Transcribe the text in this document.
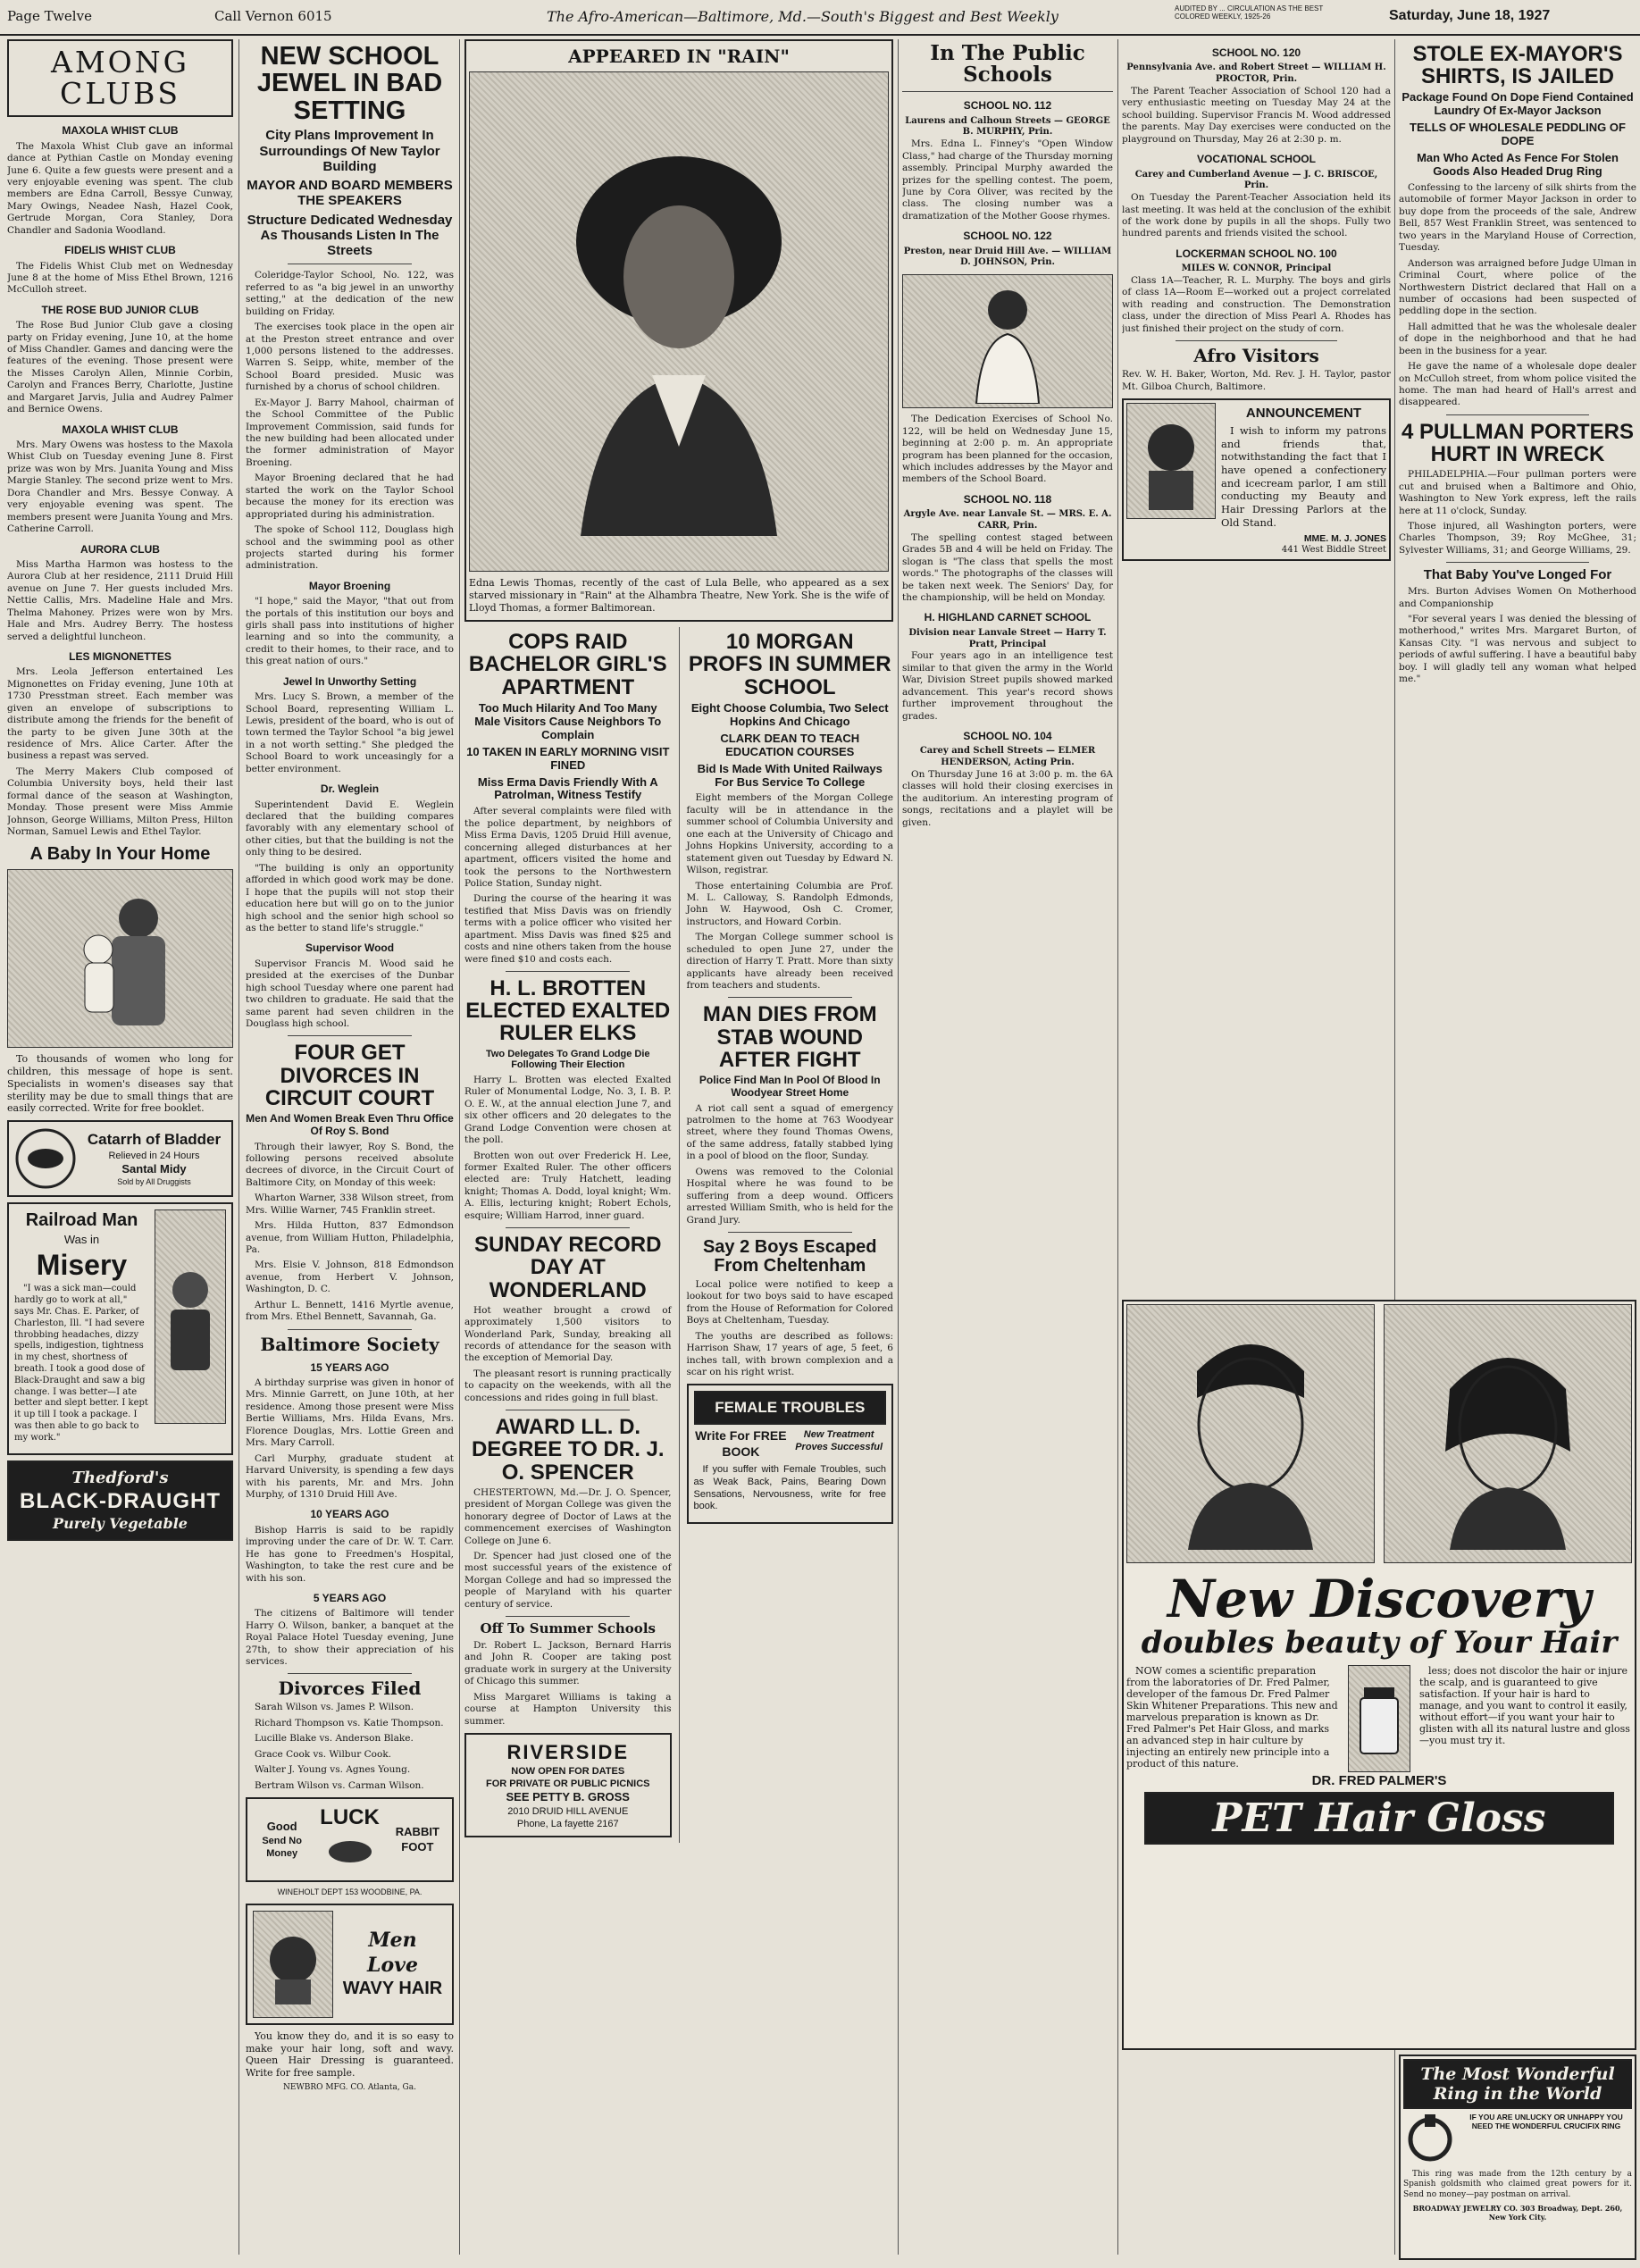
Page Twelve	Call Vernon 6015	The Afro-American—Baltimore, Md.—South's Biggest and Best Weekly	AUDITED BY ... CIRCULATION AS THE BEST COLORED WEEKLY, 1925-26	Saturday, June 18, 1927
AMONG CLUBS
MAXOLA WHIST CLUB

The Maxola Whist Club gave an informal dance at Pythian Castle on Monday evening June 6. Quite a few guests were present and a very enjoyable evening was spent. The club members are Edna Carroll, Bessye Cunway, Mary Owings, Neadee Nash, Hazel Cook, Gertrude Morgan, Cora Stanley, Dora Chandler and Sadonia Woodland.

FIDELIS WHIST CLUB

The Fidelis Whist Club met on Wednesday June 8 at the home of Miss Ethel Brown, 1216 McCulloh street.

THE ROSE BUD JUNIOR CLUB

The Rose Bud Junior Club gave a closing party on Friday evening, June 10, at the home of Miss Chandler. Games and dancing were the features of the evening. Those present were the Misses Carolyn Allen, Minnie Corbin, Carolyn and Frances Berry, Charlotte, Justine and Margaret Jarvis, Julia and Audrey Palmer and Bernice Owens.

MAXOLA WHIST CLUB

Mrs. Mary Owens was hostess to the Maxola Whist Club on Tuesday evening June 8. First prize was won by Mrs. Juanita Young and Miss Margie Stanley. The second prize went to Mrs. Dora Chandler and Mrs. Bessye Conway. A very enjoyable evening was spent. The members present were Juanita Young and Mrs. Catherine Carroll.

AURORA CLUB

Miss Martha Harmon was hostess to the Aurora Club at her residence, 2111 Druid Hill avenue on June 7. Her guests included Mrs. Nettie Callis, Mrs. Madeline Hale and Mrs. Thelma Mahoney. Prizes were won by Mrs. Hale and Mrs. Audrey Berry. The hostess served a delightful luncheon.

LES MIGNONETTES

Mrs. Leola Jefferson entertained Les Mignonettes on Friday evening, June 10th at 1730 Presstman street. Each member was given an envelope of subscriptions to distribute among the friends for the benefit of the party to be given June 30th at the residence of Mrs. Alice Carter. After the business a repast was served.

The Merry Makers Club composed of Columbia University boys, held their last formal dance of the season at Washington, Monday. Those present were Miss Ammie Johnson, George Williams, Milton Press, Hilton Norman, Samuel Lewis and Ethel Taylor.

A Baby In Your Home

To thousands of women who long for children, this message of hope is sent. Specialists in women's diseases say that sterility may be due to small things that are easily corrected. Write for free booklet.

Catarrh of Bladder
Relieved in 24 Hours
Santal Midy
Sold by All Druggists
Railroad Man
Was in
Misery

"I was a sick man—could hardly go to work at all," says Mr. Chas. E. Parker, of Charleston, Ill. "I had severe throbbing headaches, dizzy spells, indigestion, tightness in my chest, shortness of breath. I took a good dose of Black-Draught and saw a big change. I was better—I ate better and slept better. I kept it up till I took a package. I was then able to go back to my work."

Thedford's
BLACK-DRAUGHT
Purely Vegetable
NEW SCHOOL JEWEL IN BAD SETTING
City Plans Improvement In Surroundings Of New Taylor Building
MAYOR AND BOARD MEMBERS THE SPEAKERS
Structure Dedicated Wednesday As Thousands Listen In The Streets

Coleridge-Taylor School, No. 122, was referred to as "a big jewel in an unworthy setting," at the dedication of the new building on Friday.

The exercises took place in the open air at the Preston street entrance and over 1,000 persons listened to the addresses. Warren S. Seipp, white, member of the School Board presided. Music was furnished by a chorus of school children.

Ex-Mayor J. Barry Mahool, chairman of the School Committee of the Public Improvement Commission, said funds for the new building had been allocated under the former administration of Mayor Broening.

Mayor Broening declared that he had started the work on the Taylor School because the money for its erection was appropriated during his administration.

The spoke of School 112, Douglass high school and the swimming pool as other projects started during his former administration.

Mayor Broening

"I hope," said the Mayor, "that out from the portals of this institution our boys and girls shall pass into institutions of higher learning and so into the community, a credit to their homes, to their race, and to this great nation of ours."

Jewel In Unworthy Setting

Mrs. Lucy S. Brown, a member of the School Board, representing William L. Lewis, president of the board, who is out of town termed the Taylor School "a big jewel in a not worth setting." She pledged the School Board to work unceasingly for a better environment.

Dr. Weglein

Superintendent David E. Weglein declared that the building compares favorably with any elementary school of other cities, but that the building is not the only thing to be desired.

"The building is only an opportunity afforded in which good work may be done. I hope that the pupils will not stop their education here but will go on to the junior high school and the senior high school so as the better to stand life's struggle."

Supervisor Wood

Supervisor Francis M. Wood said he presided at the exercises of the Dunbar high school Tuesday where one parent had two children to graduate. He said that the same parent had seven children in the Douglass high school.

FOUR GET DIVORCES IN CIRCUIT COURT
Men And Women Break Even Thru Office Of Roy S. Bond

Through their lawyer, Roy S. Bond, the following persons received absolute decrees of divorce, in the Circuit Court of Baltimore City, on Monday of this week:

Wharton Warner, 338 Wilson street, from Mrs. Willie Warner, 745 Franklin street.

Mrs. Hilda Hutton, 837 Edmondson avenue, from William Hutton, Philadelphia, Pa.

Mrs. Elsie V. Johnson, 818 Edmondson avenue, from Herbert V. Johnson, Washington, D. C.

Arthur L. Bennett, 1416 Myrtle avenue, from Mrs. Ethel Bennett, Savannah, Ga.

Baltimore Society
15 YEARS AGO

A birthday surprise was given in honor of Mrs. Minnie Garrett, on June 10th, at her residence. Among those present were Miss Bertie Williams, Mrs. Hilda Evans, Mrs. Florence Douglas, Mrs. Lottie Green and Mrs. Mary Carroll.

Carl Murphy, graduate student at Harvard University, is spending a few days with his parents, Mr. and Mrs. John Murphy, of 1310 Druid Hill Ave.

10 YEARS AGO

Bishop Harris is said to be rapidly improving under the care of Dr. W. T. Carr. He has gone to Freedmen's Hospital, Washington, to take the rest cure and be with his son.

5 YEARS AGO

The citizens of Baltimore will tender Harry O. Wilson, banker, a banquet at the Royal Palace Hotel Tuesday evening, June 27th, to show their appreciation of his services.

Divorces Filed

Sarah Wilson vs. James P. Wilson.

Richard Thompson vs. Katie Thompson.

Lucille Blake vs. Anderson Blake.

Grace Cook vs. Wilbur Cook.

Walter J. Young vs. Agnes Young.

Bertram Wilson vs. Carman Wilson.

Good
Send No Money
LUCK
RABBIT FOOT
WINEHOLT DEPT 153 WOODBINE, PA.
Men
Love
WAVY HAIR

You know they do, and it is so easy to make your hair long, soft and wavy. Queen Hair Dressing is guaranteed. Write for free sample.

NEWBRO MFG. CO. Atlanta, Ga.
APPEARED IN "RAIN"

Edna Lewis Thomas, recently of the cast of Lula Belle, who appeared as a sex starved missionary in "Rain" at the Alhambra Theatre, New York. She is the wife of Lloyd Thomas, a former Baltimorean.

COPS RAID BACHELOR GIRL'S APARTMENT
Too Much Hilarity And Too Many Male Visitors Cause Neighbors To Complain
10 TAKEN IN EARLY MORNING VISIT FINED
Miss Erma Davis Friendly With A Patrolman, Witness Testify

After several complaints were filed with the police department, by neighbors of Miss Erma Davis, 1205 Druid Hill avenue, concerning alleged disturbances at her apartment, officers visited the home and took the persons to the Northwestern Police Station, Sunday night.

During the course of the hearing it was testified that Miss Davis was on friendly terms with a police officer who visited her apartment. Miss Davis was fined $25 and costs and nine others taken from the house were fined $10 and costs each.

H. L. BROTTEN ELECTED EXALTED RULER ELKS
Two Delegates To Grand Lodge Die Following Their Election

Harry L. Brotten was elected Exalted Ruler of Monumental Lodge, No. 3, I. B. P. O. E. W., at the annual election June 7, and six other officers and 20 delegates to the Grand Lodge Convention were chosen at the poll.

Brotten won out over Frederick H. Lee, former Exalted Ruler. The other officers elected are: Truly Hatchett, leading knight; Thomas A. Dodd, loyal knight; Wm. A. Ellis, lecturing knight; Robert Echols, esquire; William Harrod, inner guard.

SUNDAY RECORD DAY AT WONDERLAND

Hot weather brought a crowd of approximately 1,500 visitors to Wonderland Park, Sunday, breaking all records of attendance for the season with the exception of Memorial Day.

The pleasant resort is running practically to capacity on the weekends, with all the concessions and rides going in full blast.

AWARD LL. D. DEGREE TO DR. J. O. SPENCER

CHESTERTOWN, Md.—Dr. J. O. Spencer, president of Morgan College was given the honorary degree of Doctor of Laws at the commencement exercises of Washington College on June 6.

Dr. Spencer had just closed one of the most successful years of the existence of Morgan College and had so impressed the people of Maryland with his quarter century of service.

Off To Summer Schools

Dr. Robert L. Jackson, Bernard Harris and John R. Cooper are taking post graduate work in surgery at the University of Chicago this summer.

Miss Margaret Williams is taking a course at Hampton University this summer.

RIVERSIDE
NOW OPEN FOR DATES
FOR PRIVATE OR PUBLIC PICNICS
SEE PETTY B. GROSS
2010 DRUID HILL AVENUE
Phone, La fayette 2167
10 MORGAN PROFS IN SUMMER SCHOOL
Eight Choose Columbia, Two Select Hopkins And Chicago
CLARK DEAN TO TEACH EDUCATION COURSES
Bid Is Made With United Railways For Bus Service To College

Eight members of the Morgan College faculty will be in attendance in the summer school of Columbia University and one each at the University of Chicago and Johns Hopkins University, according to a statement given out Tuesday by Edward N. Wilson, registrar.

Those entertaining Columbia are Prof. M. L. Calloway, S. Randolph Edmonds, John W. Haywood, Osh C. Cromer, instructors, and Howard Corbin.

The Morgan College summer school is scheduled to open June 27, under the direction of Harry T. Pratt. More than sixty applicants have already been received from teachers and students.

MAN DIES FROM STAB WOUND AFTER FIGHT
Police Find Man In Pool Of Blood In Woodyear Street Home

A riot call sent a squad of emergency patrolmen to the home at 763 Woodyear street, where they found Thomas Owens, of the same address, fatally stabbed lying in a pool of blood on the floor, Sunday.

Owens was removed to the Colonial Hospital where he was found to be suffering from a deep wound. Officers arrested William Smith, who is held for the Grand Jury.

Say 2 Boys Escaped From Cheltenham

Local police were notified to keep a lookout for two boys said to have escaped from the House of Reformation for Colored Boys at Cheltenham, Tuesday.

The youths are described as follows: Harrison Shaw, 17 years of age, 5 feet, 6 inches tall, with brown complexion and a scar on his right wrist.

FEMALE TROUBLES
Write For FREE BOOK
New Treatment Proves Successful

If you suffer with Female Troubles, such as Weak Back, Pains, Bearing Down Sensations, Nervousness, write for free book.

In The Public Schools
SCHOOL NO. 112
Laurens and Calhoun Streets — GEORGE B. MURPHY, Prin.

Mrs. Edna L. Finney's "Open Window Class," had charge of the Thursday morning assembly. Principal Murphy awarded the prizes for the spelling contest. The poem, June by Cora Oliver, was recited by the class. The closing number was a dramatization of the Mother Goose rhymes.

SCHOOL NO. 122
Preston, near Druid Hill Ave. — WILLIAM D. JOHNSON, Prin.

The Dedication Exercises of School No. 122, will be held on Wednesday June 15, beginning at 2:00 p. m. An appropriate program has been planned for the occasion, which includes addresses by the Mayor and members of the School Board.

SCHOOL NO. 118
Argyle Ave. near Lanvale St. — MRS. E. A. CARR, Prin.

The spelling contest staged between Grades 5B and 4 will be held on Friday. The slogan is "The class that spells the most words." The photographs of the classes will be taken next week. The Seniors' Day, for the championship, will be held on Monday.

H. HIGHLAND CARNET SCHOOL
Division near Lanvale Street — Harry T. Pratt, Principal

Four years ago in an intelligence test similar to that given the army in the World War, Division Street pupils showed marked advancement. This year's record shows further improvement throughout the grades.

SCHOOL NO. 104
Carey and Schell Streets — ELMER HENDERSON, Acting Prin.

On Thursday June 16 at 3:00 p. m. the 6A classes will hold their closing exercises in the auditorium. An interesting program of songs, recitations and a playlet will be given.

SCHOOL NO. 120
Pennsylvania Ave. and Robert Street — WILLIAM H. PROCTOR, Prin.

The Parent Teacher Association of School 120 had a very enthusiastic meeting on Tuesday May 24 at the school building. Supervisor Francis M. Wood addressed the parents. May Day exercises were conducted on the playground on Thursday, May 26 at 2:30 p. m.

VOCATIONAL SCHOOL
Carey and Cumberland Avenue — J. C. BRISCOE, Prin.

On Tuesday the Parent-Teacher Association held its last meeting. It was held at the conclusion of the exhibit of the work done by pupils in all the shops. Fully two hundred parents and friends visited the school.

LOCKERMAN SCHOOL NO. 100
MILES W. CONNOR, Principal

Class 1A—Teacher, R. L. Murphy. The boys and girls of class 1A—Room E—worked out a project correlated with reading and construction. The Demonstration class, under the direction of Miss Pearl A. Rhodes has just finished their project on the study of corn.

Afro Visitors

Rev. W. H. Baker, Worton, Md. Rev. J. H. Taylor, pastor Mt. Gilboa Church, Baltimore.

ANNOUNCEMENT

I wish to inform my patrons and friends that, notwithstanding the fact that I have opened a confectionery and icecream parlor, I am still conducting my Beauty and Hair Dressing Parlors at the Old Stand.

MME. M. J. JONES
441 West Biddle Street
STOLE EX-MAYOR'S SHIRTS, IS JAILED
Package Found On Dope Fiend Contained Laundry Of Ex-Mayor Jackson
TELLS OF WHOLESALE PEDDLING OF DOPE
Man Who Acted As Fence For Stolen Goods Also Headed Drug Ring

Confessing to the larceny of silk shirts from the automobile of former Mayor Jackson in order to buy dope from the proceeds of the sale, Andrew Bell, 857 West Franklin Street, was sentenced to two years in the Maryland House of Correction, Tuesday.

Anderson was arraigned before Judge Ulman in Criminal Court, where police of the Northwestern District declared that Hall on a number of occasions had been suspected of peddling dope in the section.

Hall admitted that he was the wholesale dealer of dope in the neighborhood and that he had been in the business for a year.

He gave the name of a wholesale dope dealer on McCulloh street, from whom police visited the home. The man had heard of Hall's arrest and disappeared.

4 PULLMAN PORTERS HURT IN WRECK

PHILADELPHIA.—Four pullman porters were cut and bruised when a Baltimore and Ohio, Washington to New York express, left the rails here at 11 o'clock, Sunday.

Those injured, all Washington porters, were Charles Thompson, 39; Roy McGhee, 31; Sylvester Williams, 31; and George Williams, 29.

That Baby You've Longed For

Mrs. Burton Advises Women On Motherhood and Companionship

"For several years I was denied the blessing of motherhood," writes Mrs. Margaret Burton, of Kansas City. "I was nervous and subject to periods of awful suffering. I have a beautiful baby boy. I will gladly tell any woman what helped me."

New Discovery
doubles beauty of Your Hair

NOW comes a scientific preparation from the laboratories of Dr. Fred Palmer, developer of the famous Dr. Fred Palmer Skin Whitener Preparations. This new and marvelous preparation is known as Dr. Fred Palmer's Pet Hair Gloss, and marks an advanced step in hair culture by injecting an entirely new principle into a product of this nature.

less; does not discolor the hair or injure the scalp, and is guaranteed to give satisfaction. If your hair is hard to manage, and you want to control it easily, without effort—if you want your hair to glisten with all its natural lustre and gloss—you must try it.

DR. FRED PALMER'S
PET Hair Gloss
The Most Wonderful Ring in the World
IF YOU ARE UNLUCKY OR UNHAPPY YOU NEED THE WONDERFUL CRUCIFIX RING

This ring was made from the 12th century by a Spanish goldsmith who claimed great powers for it. Send no money—pay postman on arrival.

BROADWAY JEWELRY CO. 303 Broadway, Dept. 260, New York City.
